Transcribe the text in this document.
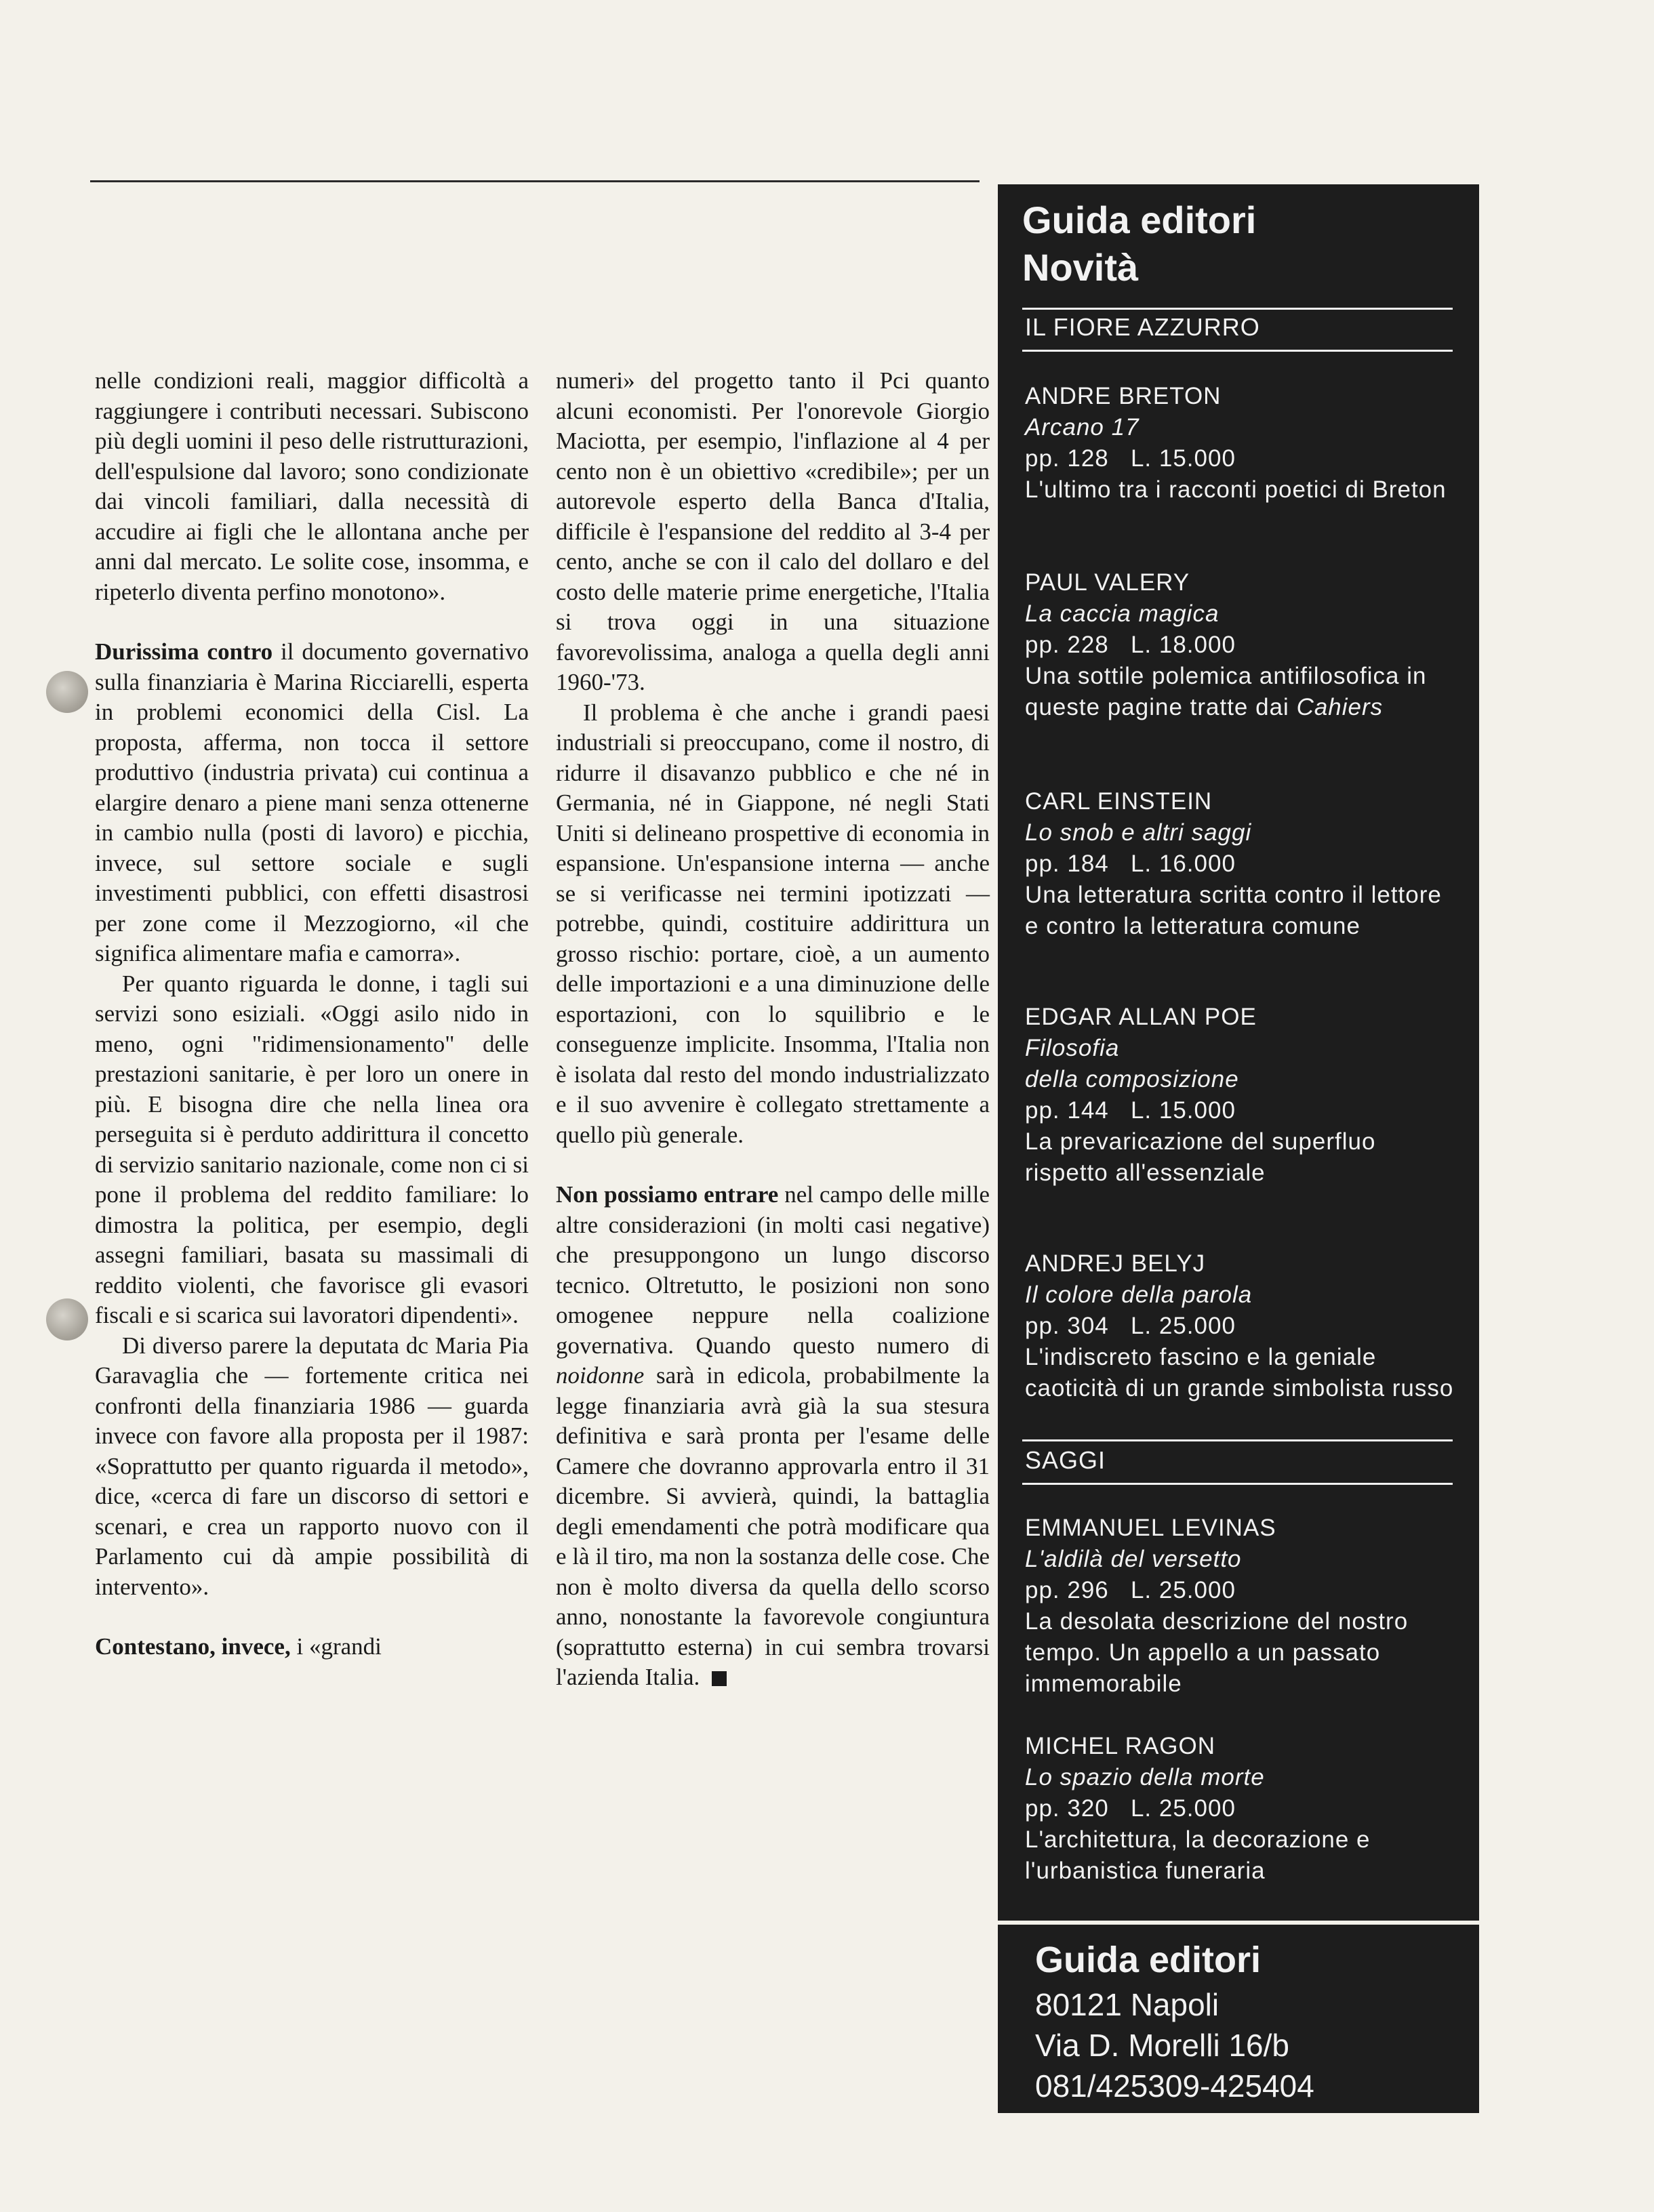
nelle condizioni reali, maggior difficoltà a raggiungere i contributi necessari. Subiscono più degli uomini il peso delle ristrutturazioni, dell'espulsione dal lavoro; sono condizionate dai vincoli familiari, dalla necessità di accudire ai figli che le allontana anche per anni dal mercato. Le solite cose, insomma, e ripeterlo diventa perfino monotono».

Durissima contro il documento governativo sulla finanziaria è Marina Ricciarelli, esperta in problemi economici della Cisl. La proposta, afferma, non tocca il settore produttivo (industria privata) cui continua a elargire denaro a piene mani senza ottenerne in cambio nulla (posti di lavoro) e picchia, invece, sul settore sociale e sugli investimenti pubblici, con effetti disastrosi per zone come il Mezzogiorno, «il che significa alimentare mafia e camorra».

Per quanto riguarda le donne, i tagli sui servizi sono esiziali. «Oggi asilo nido in meno, ogni "ridimensionamento" delle prestazioni sanitarie, è per loro un onere in più. E bisogna dire che nella linea ora perseguita si è perduto addirittura il concetto di servizio sanitario nazionale, come non ci si pone il problema del reddito familiare: lo dimostra la politica, per esempio, degli assegni familiari, basata su massimali di reddito violenti, che favorisce gli evasori fiscali e si scarica sui lavoratori dipendenti».

Di diverso parere la deputata dc Maria Pia Garavaglia che — fortemente critica nei confronti della finanziaria 1986 — guarda invece con favore alla proposta per il 1987: «Soprattutto per quanto riguarda il metodo», dice, «cerca di fare un discorso di settori e scenari, e crea un rapporto nuovo con il Parlamento cui dà ampie possibilità di intervento».

Contestano, invece, i «grandi

numeri» del progetto tanto il Pci quanto alcuni economisti. Per l'onorevole Giorgio Maciotta, per esempio, l'inflazione al 4 per cento non è un obiettivo «credibile»; per un autorevole esperto della Banca d'Italia, difficile è l'espansione del reddito al 3-4 per cento, anche se con il calo del dollaro e del costo delle materie prime energetiche, l'Italia si trova oggi in una situazione favorevolissima, analoga a quella degli anni 1960-'73.

Il problema è che anche i grandi paesi industriali si preoccupano, come il nostro, di ridurre il disavanzo pubblico e che né in Germania, né in Giappone, né negli Stati Uniti si delineano prospettive di economia in espansione. Un'espansione interna — anche se si verificasse nei termini ipotizzati — potrebbe, quindi, costituire addirittura un grosso rischio: portare, cioè, a un aumento delle importazioni e a una diminuzione delle esportazioni, con lo squilibrio e le conseguenze implicite. Insomma, l'Italia non è isolata dal resto del mondo industrializzato e il suo avvenire è collegato strettamente a quello più generale.

Non possiamo entrare nel campo delle mille altre considerazioni (in molti casi negative) che presuppongono un lungo discorso tecnico. Oltretutto, le posizioni non sono omogenee neppure nella coalizione governativa. Quando questo numero di noidonne sarà in edicola, probabilmente la legge finanziaria avrà già la sua stesura definitiva e sarà pronta per l'esame delle Camere che dovranno approvarla entro il 31 dicembre. Si avvierà, quindi, la battaglia degli emendamenti che potrà modificare qua e là il tiro, ma non la sostanza delle cose. Che non è molto diversa da quella dello scorso anno, nonostante la favorevole congiuntura (soprattutto esterna) in cui sembra trovarsi l'azienda Italia.

Guida editori
Novità
IL FIORE AZZURRO
ANDRE BRETON
Arcano 17
pp. 128   L. 15.000
L'ultimo tra i racconti poetici di Breton
PAUL VALERY
La caccia magica
pp. 228   L. 18.000
Una sottile polemica antifilosofica in queste pagine tratte dai Cahiers
CARL EINSTEIN
Lo snob e altri saggi
pp. 184   L. 16.000
Una letteratura scritta contro il lettore e contro la letteratura comune
EDGAR ALLAN POE
Filosofia
della composizione
pp. 144   L. 15.000
La prevaricazione del superfluo rispetto all'essenziale
ANDREJ BELYJ
Il colore della parola
pp. 304   L. 25.000
L'indiscreto fascino e la geniale caoticità di un grande simbolista russo
SAGGI
EMMANUEL LEVINAS
L'aldilà del versetto
pp. 296   L. 25.000
La desolata descrizione del nostro tempo. Un appello a un passato immemorabile
MICHEL RAGON
Lo spazio della morte
pp. 320   L. 25.000
L'architettura, la decorazione e l'urbanistica funeraria
Guida editori
80121 Napoli
Via D. Morelli 16/b
081/425309-425404
